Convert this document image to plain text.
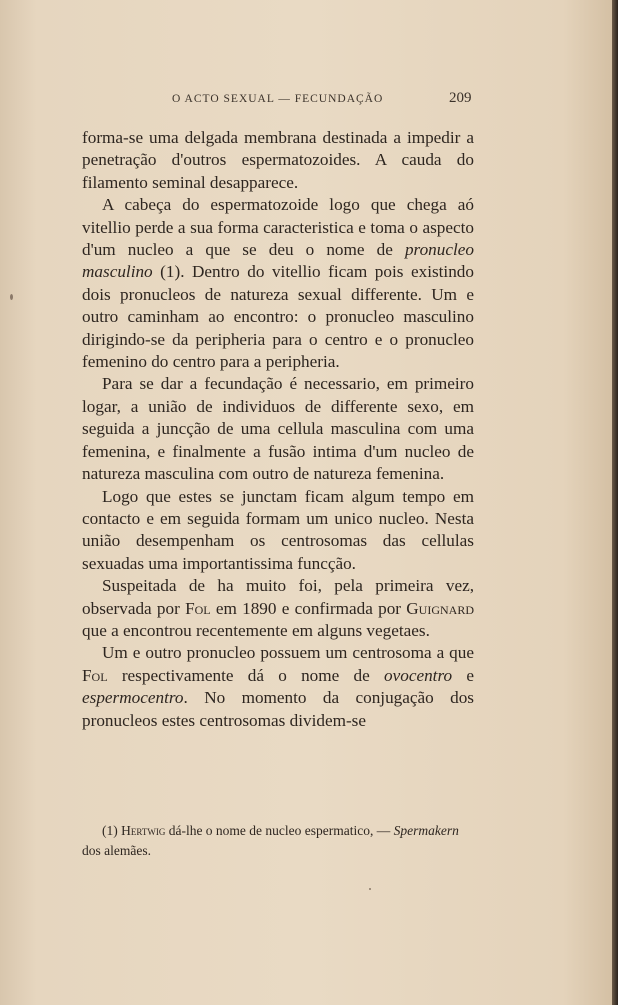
O ACTO SEXUAL — FECUNDAÇÃO	209

forma-se uma delgada membrana destinada a impedir a penetração d'outros espermatozoides. A cauda do filamento seminal desapparece.

A cabeça do espermatozoide logo que chega aó vitellio perde a sua forma caracteristica e toma o aspecto d'um nucleo a que se deu o nome de pronucleo masculino (1). Dentro do vitellio ficam pois existindo dois pronucleos de natureza sexual differente. Um e outro caminham ao encontro: o pronucleo masculino dirigindo-se da peripheria para o centro e o pronucleo femenino do centro para a peripheria.

Para se dar a fecundação é necessario, em primeiro logar, a união de individuos de differente sexo, em seguida a juncção de uma cellula masculina com uma femenina, e finalmente a fusão intima d'um nucleo de natureza masculina com outro de natureza femenina.

Logo que estes se junctam ficam algum tempo em contacto e em seguida formam um unico nucleo. Nesta união desempenham os centrosomas das cellulas sexuadas uma importantissima funcção.

Suspeitada de ha muito foi, pela primeira vez, observada por Fol em 1890 e confirmada por Guignard que a encontrou recentemente em alguns vegetaes.

Um e outro pronucleo possuem um centrosoma a que Fol respectivamente dá o nome de ovocentro e espermocentro. No momento da conjugação dos pronucleos estes centrosomas dividem-se

(1) Hertwig dá-lhe o nome de nucleo espermatico, — Spermakern dos alemães.
